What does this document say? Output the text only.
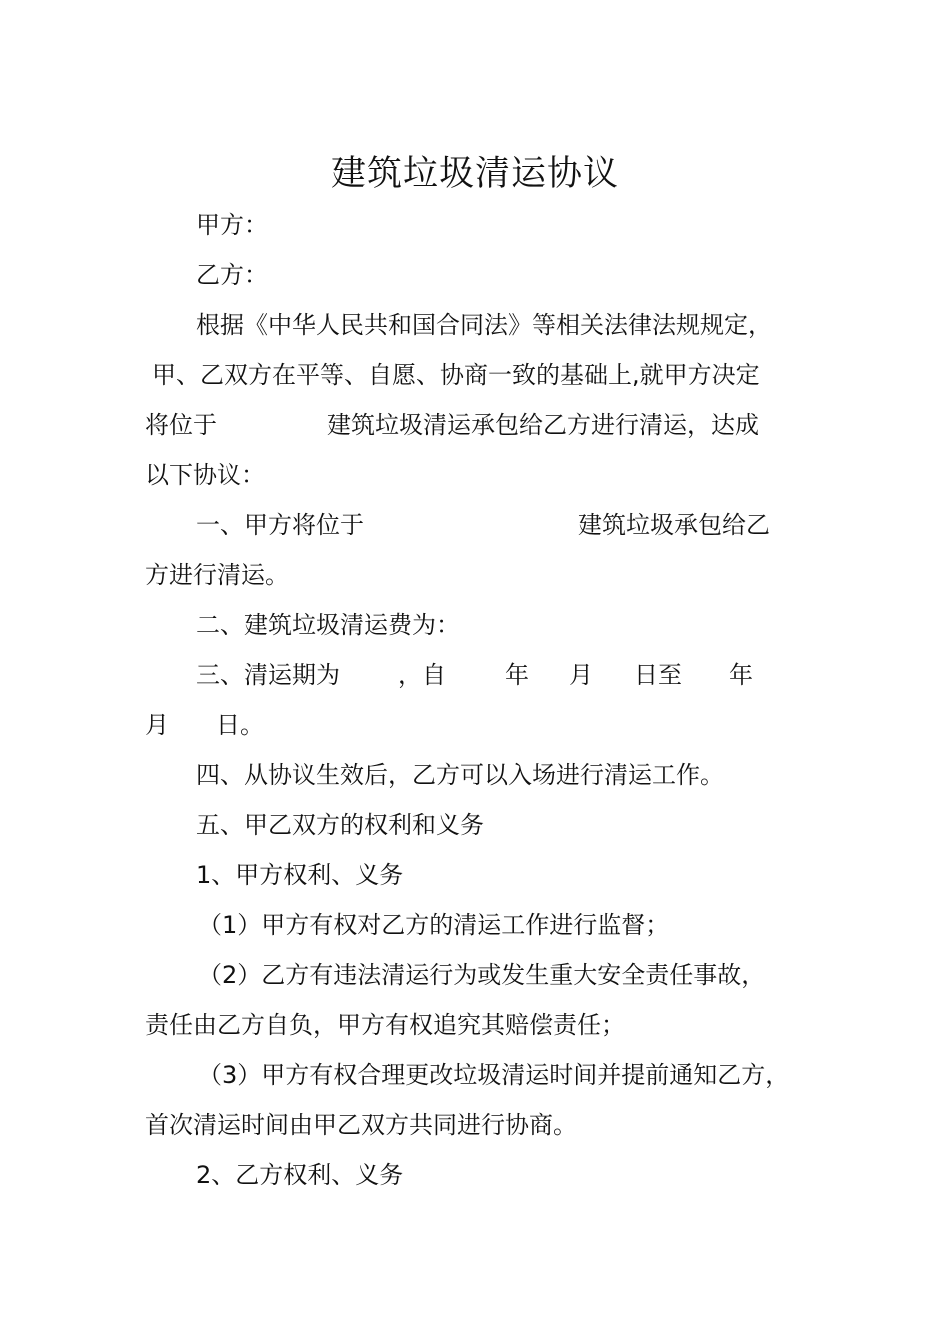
建筑垃圾清运协议
甲方：
乙方：
根据《中华人民共和国合同法》等相关法律法规规定，
甲、乙双方在平等、自愿、协商一致的基础上,就甲方决定
将位于	建筑垃圾清运承包给乙方进行清运，达成
以下协议：
一、甲方将位于	建筑垃圾承包给乙
方进行清运。
二、建筑垃圾清运费为：
三、清运期为 ，自 年 月 日至 年
月 日。
四、从协议生效后，乙方可以入场进行清运工作。
五、甲乙双方的权利和义务
1、甲方权利、义务
（1）甲方有权对乙方的清运工作进行监督；
（2）乙方有违法清运行为或发生重大安全责任事故，
责任由乙方自负，甲方有权追究其赔偿责任；
（3）甲方有权合理更改垃圾清运时间并提前通知乙方，
首次清运时间由甲乙双方共同进行协商。
2、乙方权利、义务
